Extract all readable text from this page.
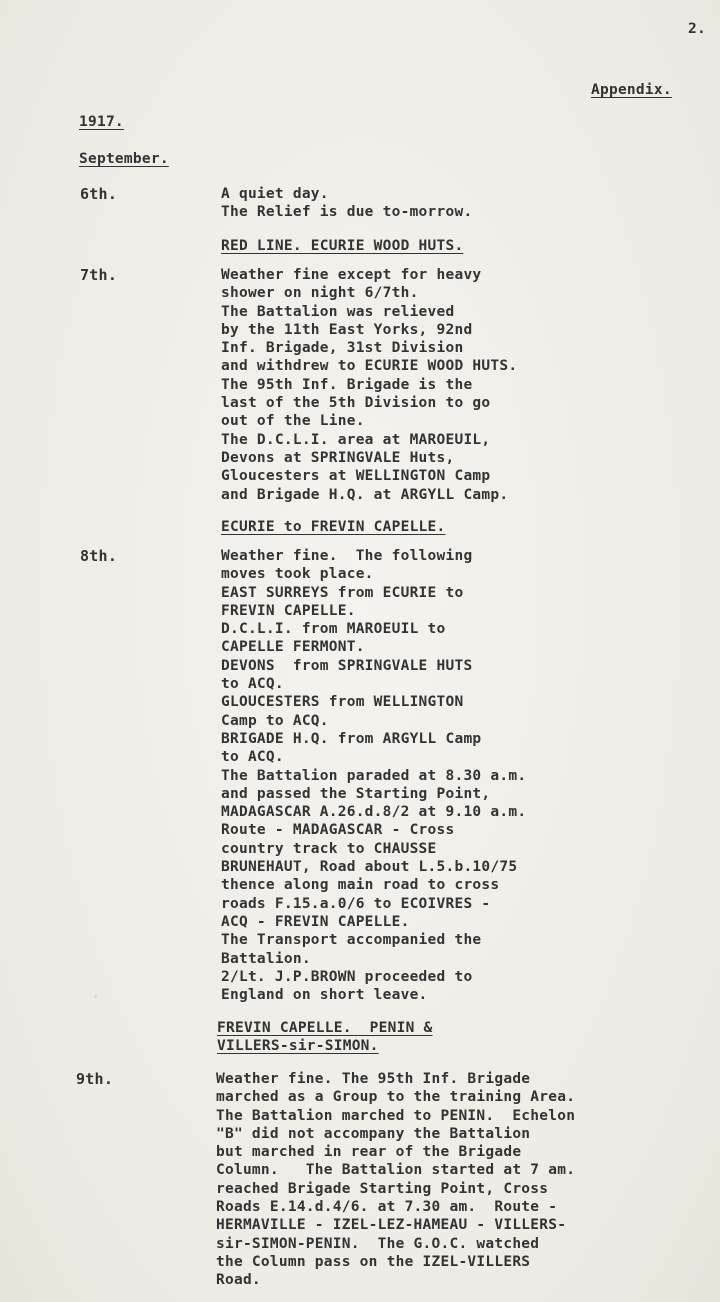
2.
Appendix.
1917.
September.
6th.	A quiet day.
The Relief is due to-morrow.
RED LINE. ECURIE WOOD HUTS.
7th.	Weather fine except for heavy
shower on night 6/7th.
The Battalion was relieved
by the 11th East Yorks, 92nd
Inf. Brigade, 31st Division
and withdrew to ECURIE WOOD HUTS.
The 95th Inf. Brigade is the
last of the 5th Division to go
out of the Line.
The D.C.L.I. area at MAROEUIL,
Devons at SPRINGVALE Huts,
Gloucesters at WELLINGTON Camp
and Brigade H.Q. at ARGYLL Camp.
ECURIE to FREVIN CAPELLE.
8th.	Weather fine.  The following
moves took place.
EAST SURREYS from ECURIE to
FREVIN CAPELLE.
D.C.L.I. from MAROEUIL to
CAPELLE FERMONT.
DEVONS  from SPRINGVALE HUTS
to ACQ.
GLOUCESTERS from WELLINGTON
Camp to ACQ.
BRIGADE H.Q. from ARGYLL Camp
to ACQ.
The Battalion paraded at 8.30 a.m.
and passed the Starting Point,
MADAGASCAR A.26.d.8/2 at 9.10 a.m.
Route - MADAGASCAR - Cross
country track to CHAUSSE
BRUNEHAUT, Road about L.5.b.10/75
thence along main road to cross
roads F.15.a.0/6 to ECOIVRES -
ACQ - FREVIN CAPELLE.
The Transport accompanied the
Battalion.
2/Lt. J.P.BROWN proceeded to
England on short leave.
FREVIN CAPELLE.  PENIN &
VILLERS-sir-SIMON.
9th.	Weather fine. The 95th Inf. Brigade
marched as a Group to the training Area.
The Battalion marched to PENIN.  Echelon
"B" did not accompany the Battalion
but marched in rear of the Brigade
Column.   The Battalion started at 7 am.
reached Brigade Starting Point, Cross
Roads E.14.d.4/6. at 7.30 am.  Route -
HERMAVILLE - IZEL-LEZ-HAMEAU - VILLERS-
sir-SIMON-PENIN.  The G.O.C. watched
the Column pass on the IZEL-VILLERS
Road.
